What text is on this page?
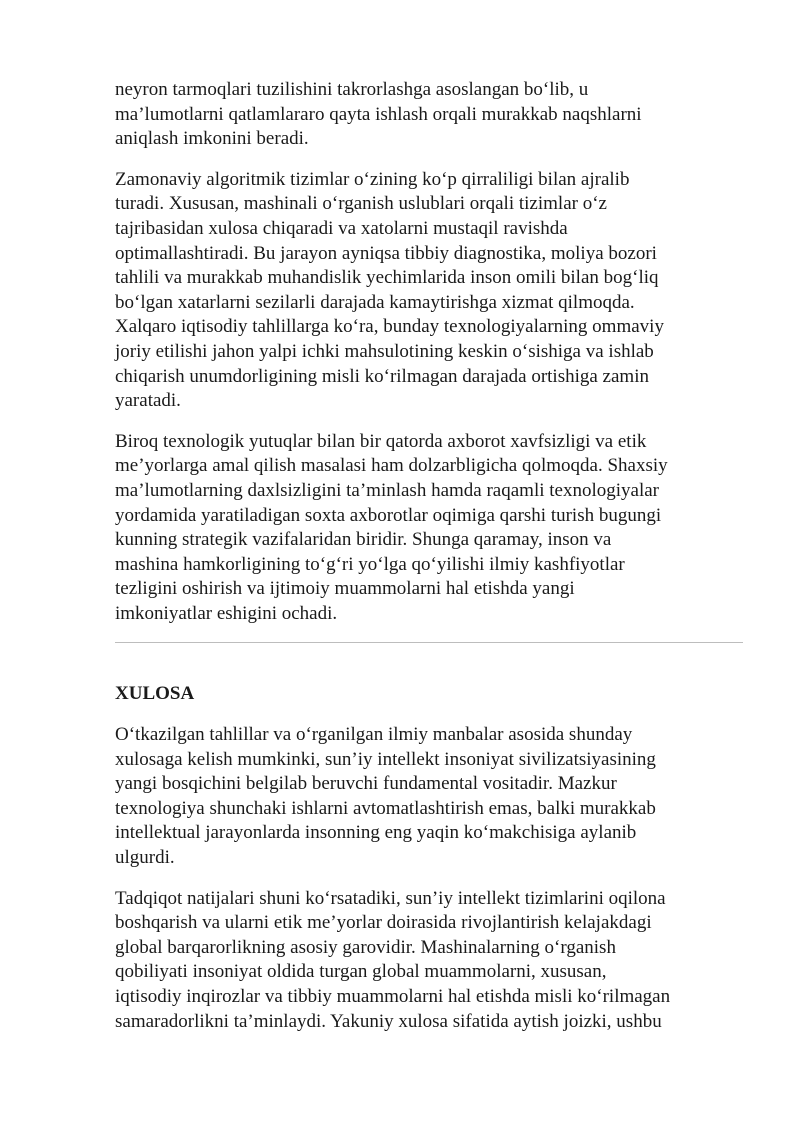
neyron tarmoqlari tuzilishini takrorlashga asoslangan bo‘lib, u
ma’lumotlarni qatlamlararo qayta ishlash orqali murakkab naqshlarni
aniqlash imkonini beradi.

Zamonaviy algoritmik tizimlar o‘zining ko‘p qirraliligi bilan ajralib
turadi. Xususan, mashinali o‘rganish uslublari orqali tizimlar o‘z
tajribasidan xulosa chiqaradi va xatolarni mustaqil ravishda
optimallashtiradi. Bu jarayon ayniqsa tibbiy diagnostika, moliya bozori
tahlili va murakkab muhandislik yechimlarida inson omili bilan bog‘liq
bo‘lgan xatarlarni sezilarli darajada kamaytirishga xizmat qilmoqda.
Xalqaro iqtisodiy tahlillarga ko‘ra, bunday texnologiyalarning ommaviy
joriy etilishi jahon yalpi ichki mahsulotining keskin o‘sishiga va ishlab
chiqarish unumdorligining misli ko‘rilmagan darajada ortishiga zamin
yaratadi.

Biroq texnologik yutuqlar bilan bir qatorda axborot xavfsizligi va etik
me’yorlarga amal qilish masalasi ham dolzarbligicha qolmoqda. Shaxsiy
ma’lumotlarning daxlsizligini ta’minlash hamda raqamli texnologiyalar
yordamida yaratiladigan soxta axborotlar oqimiga qarshi turish bugungi
kunning strategik vazifalaridan biridir. Shunga qaramay, inson va
mashina hamkorligining to‘g‘ri yo‘lga qo‘yilishi ilmiy kashfiyotlar
tezligini oshirish va ijtimoiy muammolarni hal etishda yangi
imkoniyatlar eshigini ochadi.

XULOSA

O‘tkazilgan tahlillar va o‘rganilgan ilmiy manbalar asosida shunday
xulosaga kelish mumkinki, sun’iy intellekt insoniyat sivilizatsiyasining
yangi bosqichini belgilab beruvchi fundamental vositadir. Mazkur
texnologiya shunchaki ishlarni avtomatlashtirish emas, balki murakkab
intellektual jarayonlarda insonning eng yaqin ko‘makchisiga aylanib
ulgurdi.

Tadqiqot natijalari shuni ko‘rsatadiki, sun’iy intellekt tizimlarini oqilona
boshqarish va ularni etik me’yorlar doirasida rivojlantirish kelajakdagi
global barqarorlikning asosiy garovidir. Mashinalarning o‘rganish
qobiliyati insoniyat oldida turgan global muammolarni, xususan,
iqtisodiy inqirozlar va tibbiy muammolarni hal etishda misli ko‘rilmagan
samaradorlikni ta’minlaydi. Yakuniy xulosa sifatida aytish joizki, ushbu
